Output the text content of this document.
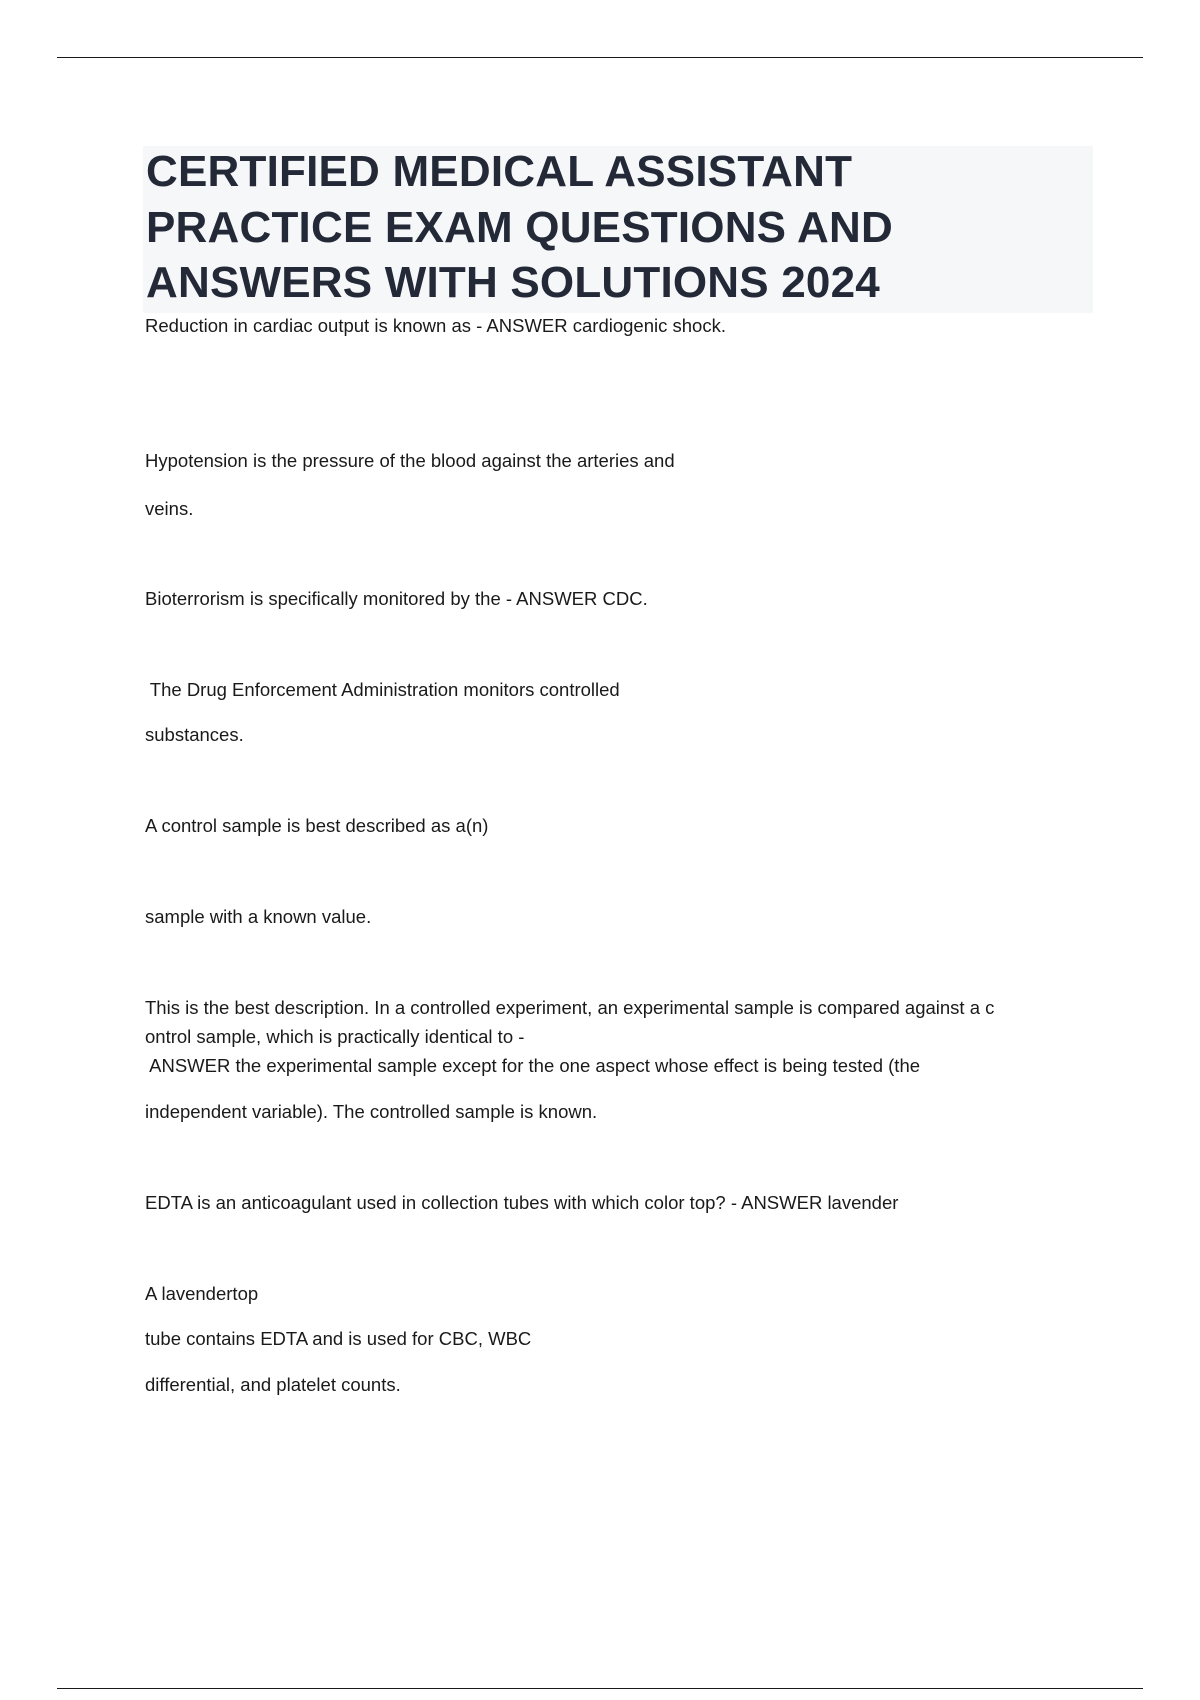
CERTIFIED MEDICAL ASSISTANT
PRACTICE EXAM QUESTIONS AND
ANSWERS WITH SOLUTIONS 2024
Reduction in cardiac output is known as - ANSWER cardiogenic shock.
Hypotension is the pressure of the blood against the arteries and
veins.
Bioterrorism is specifically monitored by the - ANSWER CDC.
The Drug Enforcement Administration monitors controlled
substances.
A control sample is best described as a(n)
sample with a known value.
This is the best description. In a controlled experiment, an experimental sample is compared against a c
ontrol sample, which is practically identical to -
ANSWER the experimental sample except for the one aspect whose effect is being tested (the
independent variable). The controlled sample is known.
EDTA is an anticoagulant used in collection tubes with which color top? - ANSWER lavender
A lavendertop
tube contains EDTA and is used for CBC, WBC
differential, and platelet counts.
